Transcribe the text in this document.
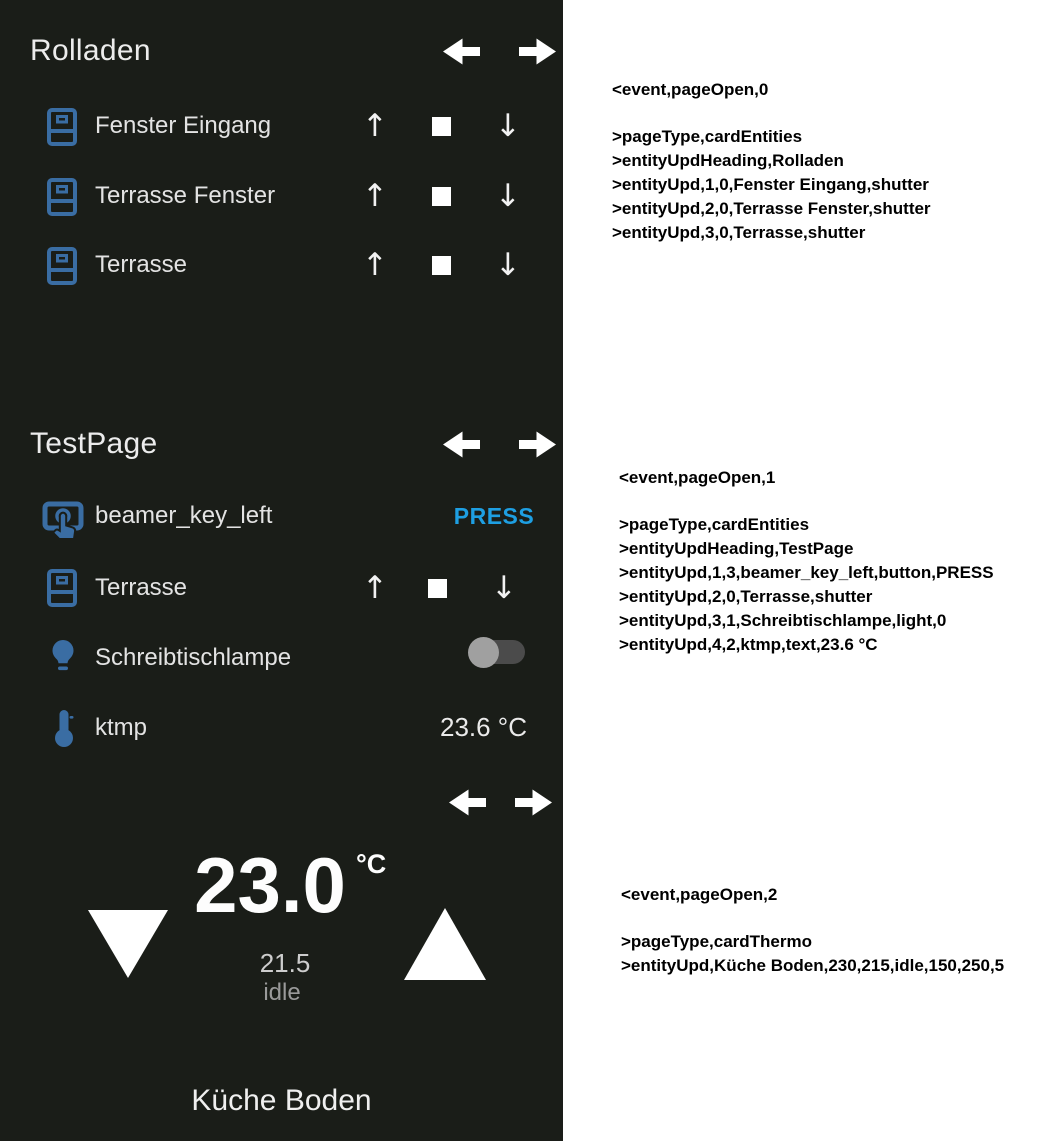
Rolladen
Fenster Eingang	↑	↓
Terrasse Fenster	↑	↓
Terrasse	↑	↓
TestPage
beamer_key_left	PRESS
Terrasse	↑	↓
Schreibtischlampe
ktmp	23.6 °C
23.0 °C
21.5
idle
Küche Boden
<event,pageOpen,0
>pageType,cardEntities
>entityUpdHeading,Rolladen
>entityUpd,1,0,Fenster Eingang,shutter
>entityUpd,2,0,Terrasse Fenster,shutter
>entityUpd,3,0,Terrasse,shutter
<event,pageOpen,1
>pageType,cardEntities
>entityUpdHeading,TestPage
>entityUpd,1,3,beamer_key_left,button,PRESS
>entityUpd,2,0,Terrasse,shutter
>entityUpd,3,1,Schreibtischlampe,light,0
>entityUpd,4,2,ktmp,text,23.6 °C
<event,pageOpen,2
>pageType,cardThermo
>entityUpd,Küche Boden,230,215,idle,150,250,5
